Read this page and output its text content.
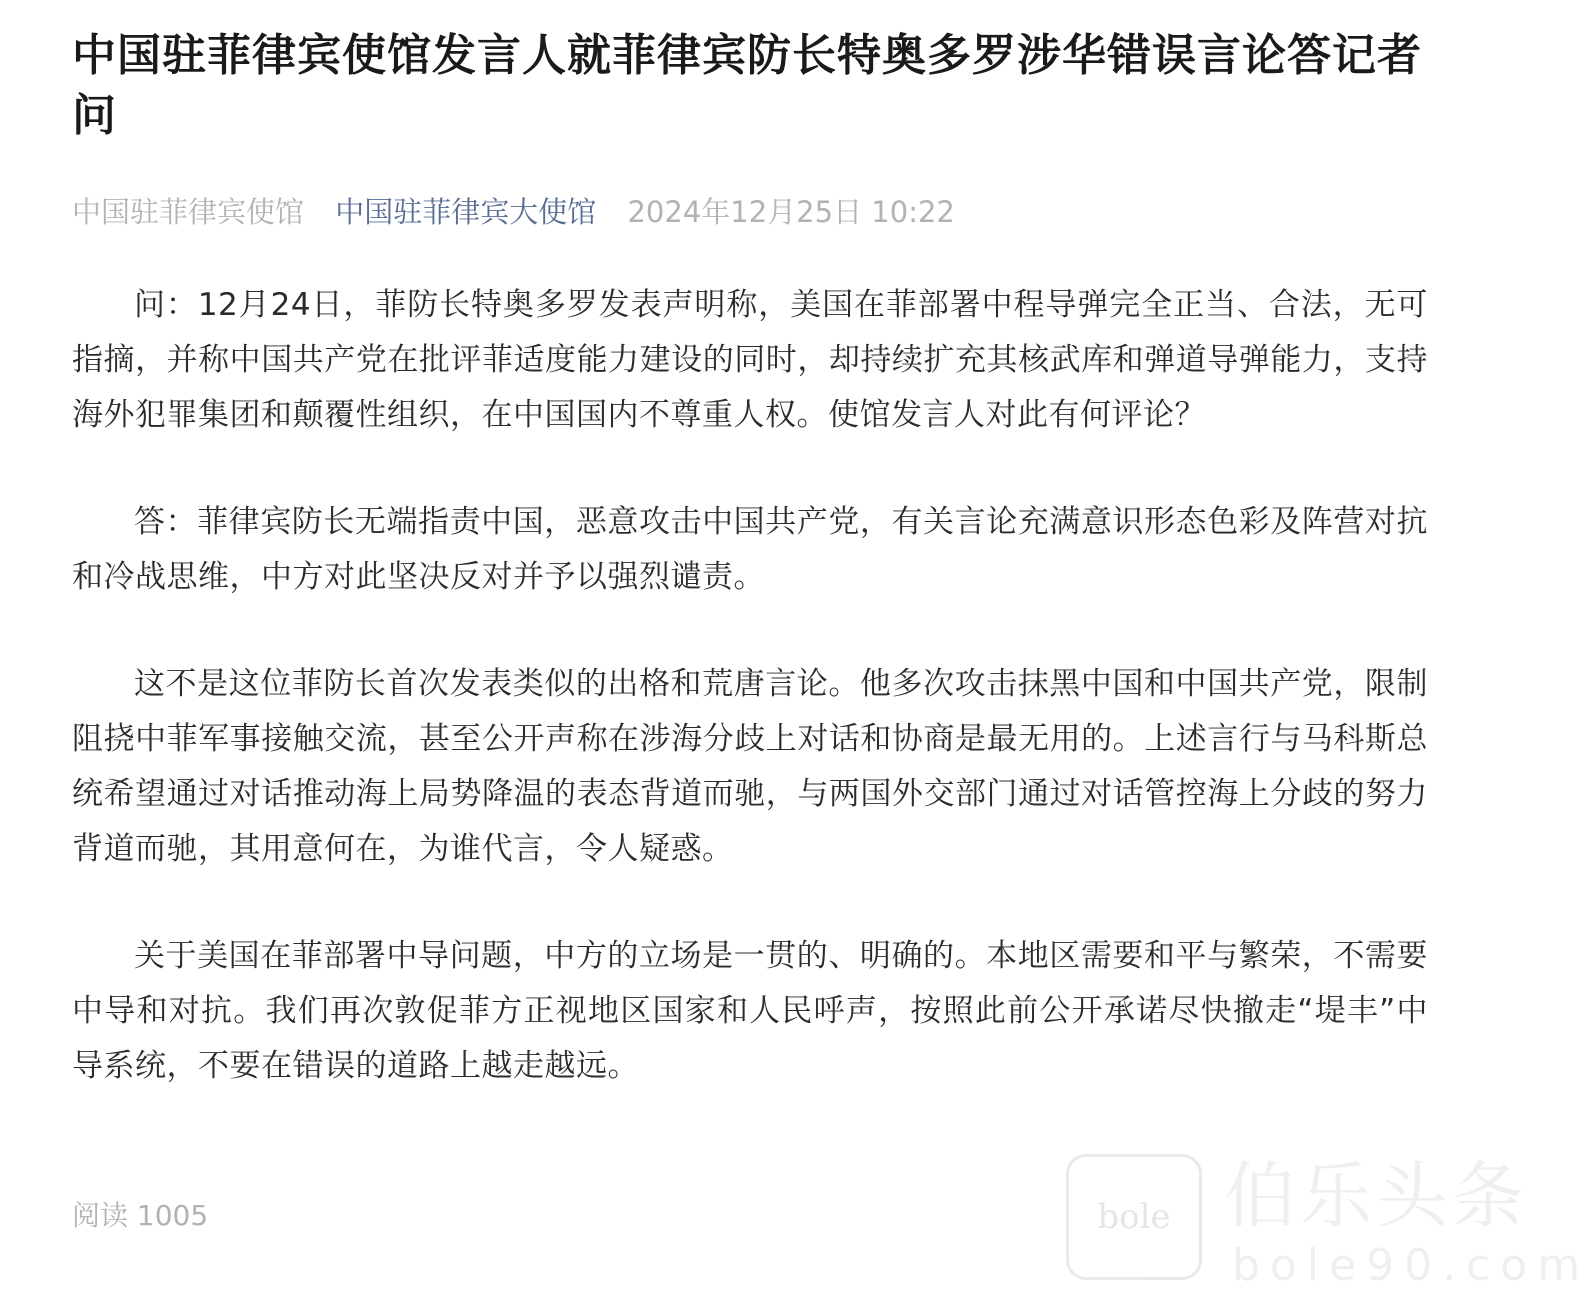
中国驻菲律宾使馆发言人就菲律宾防长特奥多罗涉华错误言论答记者问
中国驻菲律宾使馆 中国驻菲律宾大使馆 2024年12月25日 10:22

问：12月24日，菲防长特奥多罗发表声明称，美国在菲部署中程导弹完全正当、合法，无可指摘，并称中国共产党在批评菲适度能力建设的同时，却持续扩充其核武库和弹道导弹能力，支持海外犯罪集团和颠覆性组织，在中国国内不尊重人权。使馆发言人对此有何评论？

答：菲律宾防长无端指责中国，恶意攻击中国共产党，有关言论充满意识形态色彩及阵营对抗和冷战思维，中方对此坚决反对并予以强烈谴责。

这不是这位菲防长首次发表类似的出格和荒唐言论。他多次攻击抹黑中国和中国共产党，限制阻挠中菲军事接触交流，甚至公开声称在涉海分歧上对话和协商是最无用的。上述言行与马科斯总统希望通过对话推动海上局势降温的表态背道而驰，与两国外交部门通过对话管控海上分歧的努力背道而驰，其用意何在，为谁代言，令人疑惑。

关于美国在菲部署中导问题，中方的立场是一贯的、明确的。本地区需要和平与繁荣，不需要中导和对抗。我们再次敦促菲方正视地区国家和人民呼声，按照此前公开承诺尽快撤走“堤丰”中导系统，不要在错误的道路上越走越远。

阅读 1005	bole 伯乐头条
bole90.com
